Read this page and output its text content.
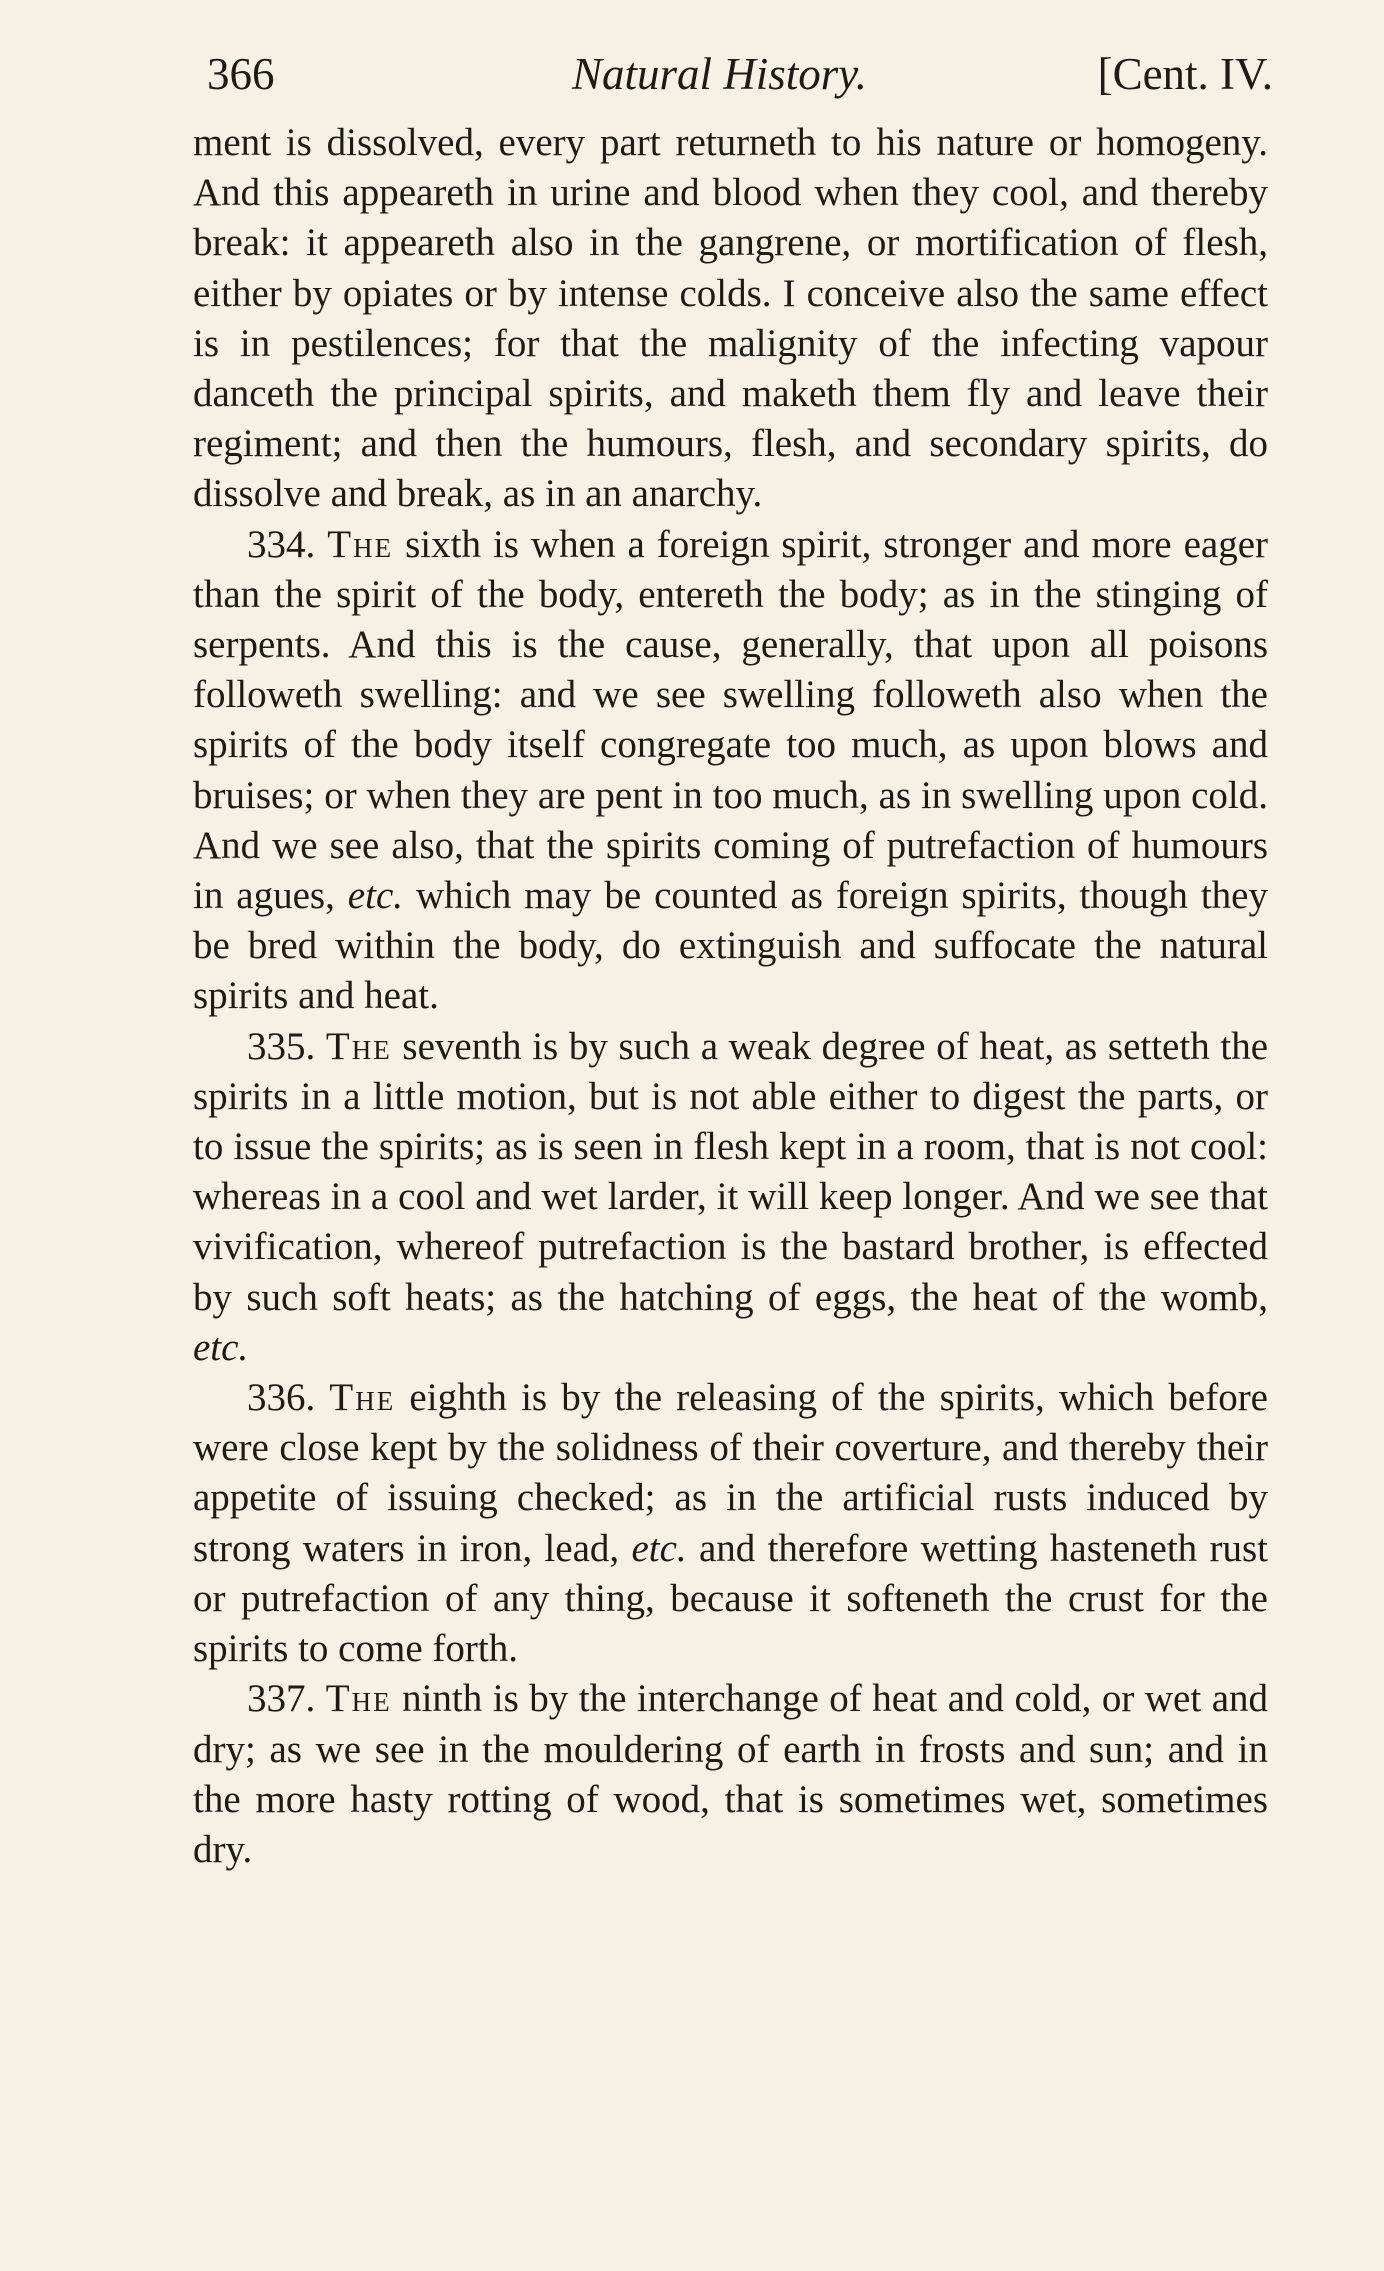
366	Natural History.	[Cent. IV.

ment is dissolved, every part returneth to his nature or homogeny. And this appeareth in urine and blood when they cool, and thereby break: it appeareth also in the gangrene, or mortification of flesh, either by opiates or by intense colds. I conceive also the same effect is in pestilences; for that the malignity of the infecting vapour danceth the principal spirits, and maketh them fly and leave their regiment; and then the humours, flesh, and secondary spirits, do dissolve and break, as in an anarchy.

334. The sixth is when a foreign spirit, stronger and more eager than the spirit of the body, entereth the body; as in the stinging of serpents. And this is the cause, generally, that upon all poisons followeth swelling: and we see swelling followeth also when the spirits of the body itself congregate too much, as upon blows and bruises; or when they are pent in too much, as in swelling upon cold. And we see also, that the spirits coming of putrefaction of humours in agues, etc. which may be counted as foreign spirits, though they be bred within the body, do extinguish and suffocate the natural spirits and heat.

335. The seventh is by such a weak degree of heat, as setteth the spirits in a little motion, but is not able either to digest the parts, or to issue the spirits; as is seen in flesh kept in a room, that is not cool: whereas in a cool and wet larder, it will keep longer. And we see that vivification, whereof putrefaction is the bastard brother, is effected by such soft heats; as the hatching of eggs, the heat of the womb, etc.

336. The eighth is by the releasing of the spirits, which before were close kept by the solidness of their coverture, and thereby their appetite of issuing checked; as in the artificial rusts induced by strong waters in iron, lead, etc. and therefore wetting hasteneth rust or putrefaction of any thing, because it softeneth the crust for the spirits to come forth.

337. The ninth is by the interchange of heat and cold, or wet and dry; as we see in the mouldering of earth in frosts and sun; and in the more hasty rotting of wood, that is sometimes wet, sometimes dry.
